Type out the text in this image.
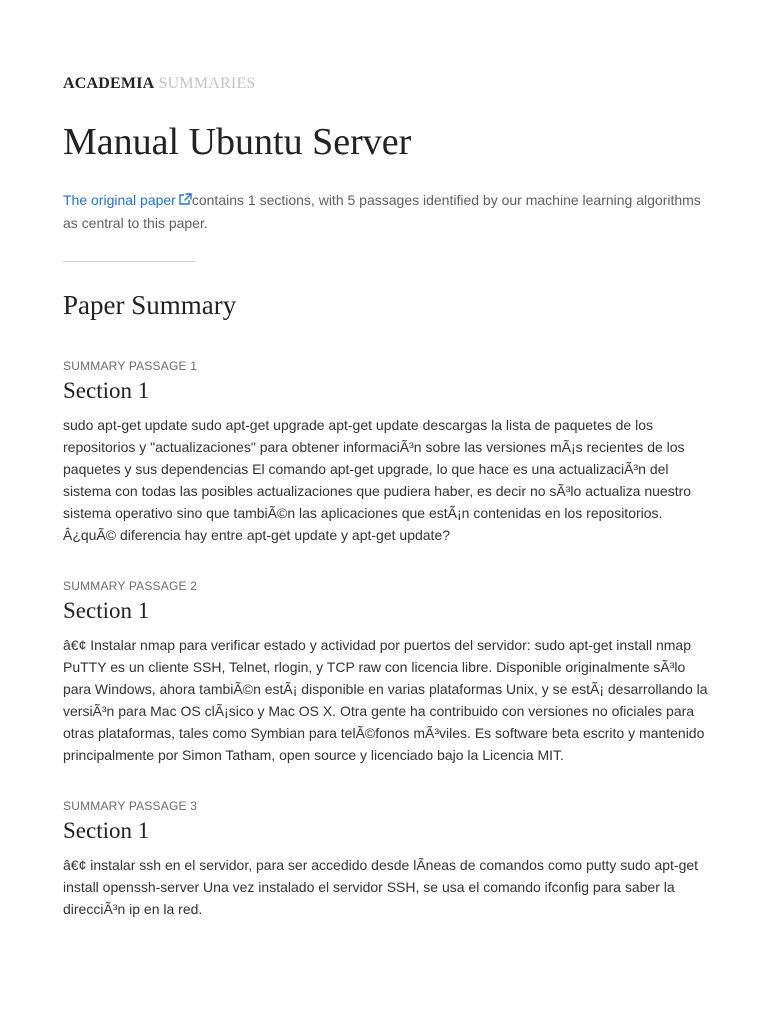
ACADEMIA SUMMARIES
Manual Ubuntu Server

The original paper contains 1 sections, with 5 passages identified by our machine learning algorithms as central to this paper.

Paper Summary
SUMMARY PASSAGE 1
Section 1

sudo apt-get update sudo apt-get upgrade apt-get update descargas la lista de paquetes de los repositorios y "actualizaciones" para obtener informaciÃ³n sobre las versiones mÃ¡s recientes de los paquetes y sus dependencias El comando apt-get upgrade, lo que hace es una actualizaciÃ³n del sistema con todas las posibles actualizaciones que pudiera haber, es decir no sÃ³lo actualiza nuestro sistema operativo sino que tambiÃ©n las aplicaciones que estÃ¡n contenidas en los repositorios. Â¿quÃ© diferencia hay entre apt-get update y apt-get update?

SUMMARY PASSAGE 2
Section 1

â€¢ Instalar nmap para verificar estado y actividad por puertos del servidor: sudo apt-get install nmap PuTTY es un cliente SSH, Telnet, rlogin, y TCP raw con licencia libre. Disponible originalmente sÃ³lo para Windows, ahora tambiÃ©n estÃ¡ disponible en varias plataformas Unix, y se estÃ¡ desarrollando la versiÃ³n para Mac OS clÃ¡sico y Mac OS X. Otra gente ha contribuido con versiones no oficiales para otras plataformas, tales como Symbian para telÃ©fonos mÃ³viles. Es software beta escrito y mantenido principalmente por Simon Tatham, open source y licenciado bajo la Licencia MIT.

SUMMARY PASSAGE 3
Section 1

â€¢ instalar ssh en el servidor, para ser accedido desde lÃneas de comandos como putty sudo apt-get install openssh-server Una vez instalado el servidor SSH, se usa el comando ifconfig para saber la direcciÃ³n ip en la red.
